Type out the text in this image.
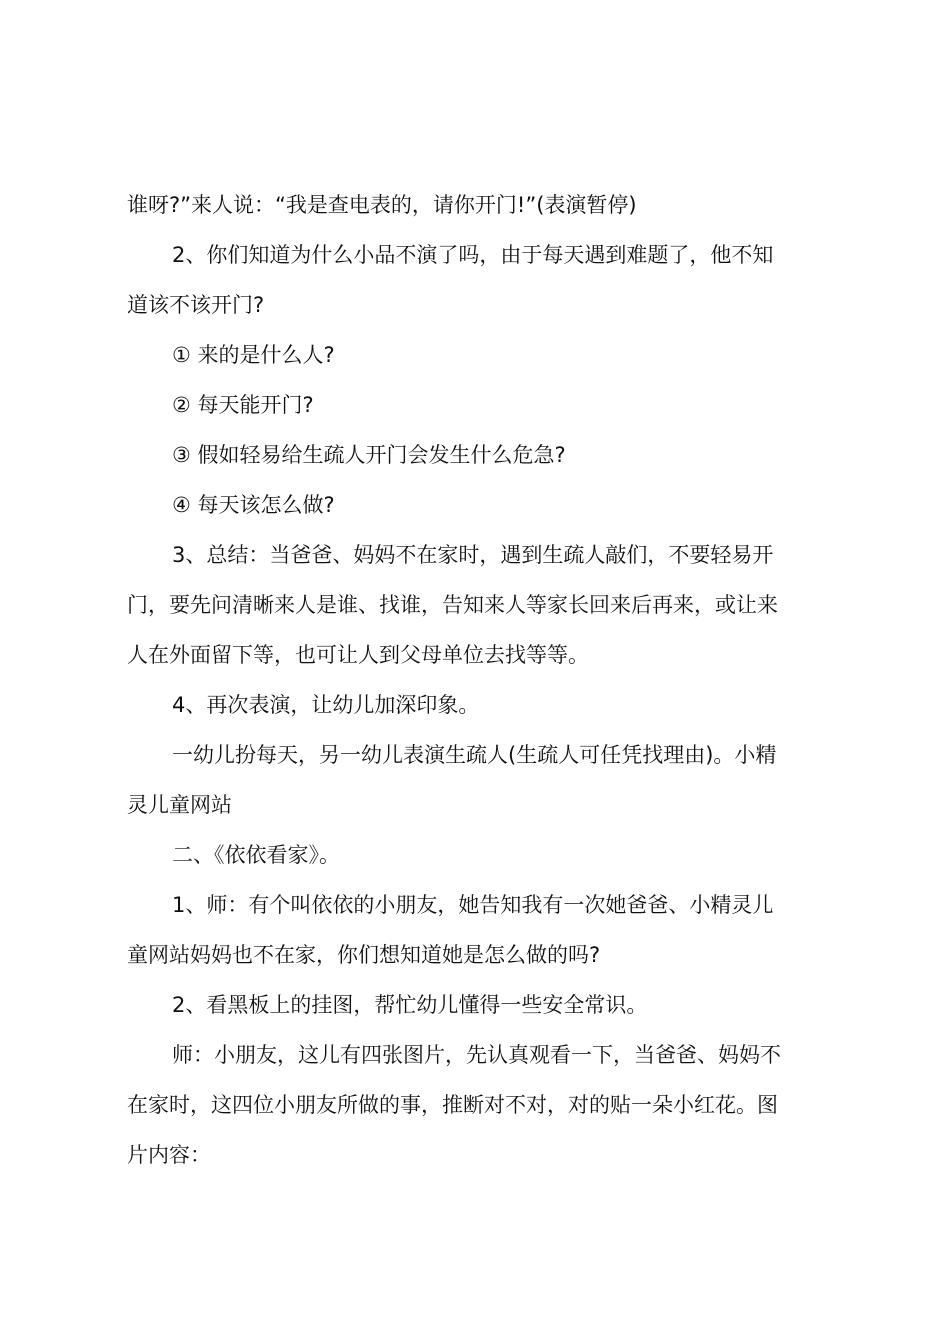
谁呀?”来人说：“我是查电表的，请你开门!”(表演暂停)
2、你们知道为什么小品不演了吗，由于每天遇到难题了，他不知
道该不该开门?
① 来的是什么人?
② 每天能开门?
③ 假如轻易给生疏人开门会发生什么危急?
④ 每天该怎么做?
3、总结：当爸爸、妈妈不在家时，遇到生疏人敲们，不要轻易开
门，要先问清晰来人是谁、找谁，告知来人等家长回来后再来，或让来
人在外面留下等，也可让人到父母单位去找等等。
4、再次表演，让幼儿加深印象。
一幼儿扮每天，另一幼儿表演生疏人(生疏人可任凭找理由)。小精
灵儿童网站
二、《依依看家》。
1、师：有个叫依依的小朋友，她告知我有一次她爸爸、小精灵儿
童网站妈妈也不在家，你们想知道她是怎么做的吗?
2、看黑板上的挂图，帮忙幼儿懂得一些安全常识。
师：小朋友，这儿有四张图片，先认真观看一下，当爸爸、妈妈不
在家时，这四位小朋友所做的事，推断对不对，对的贴一朵小红花。图
片内容：
